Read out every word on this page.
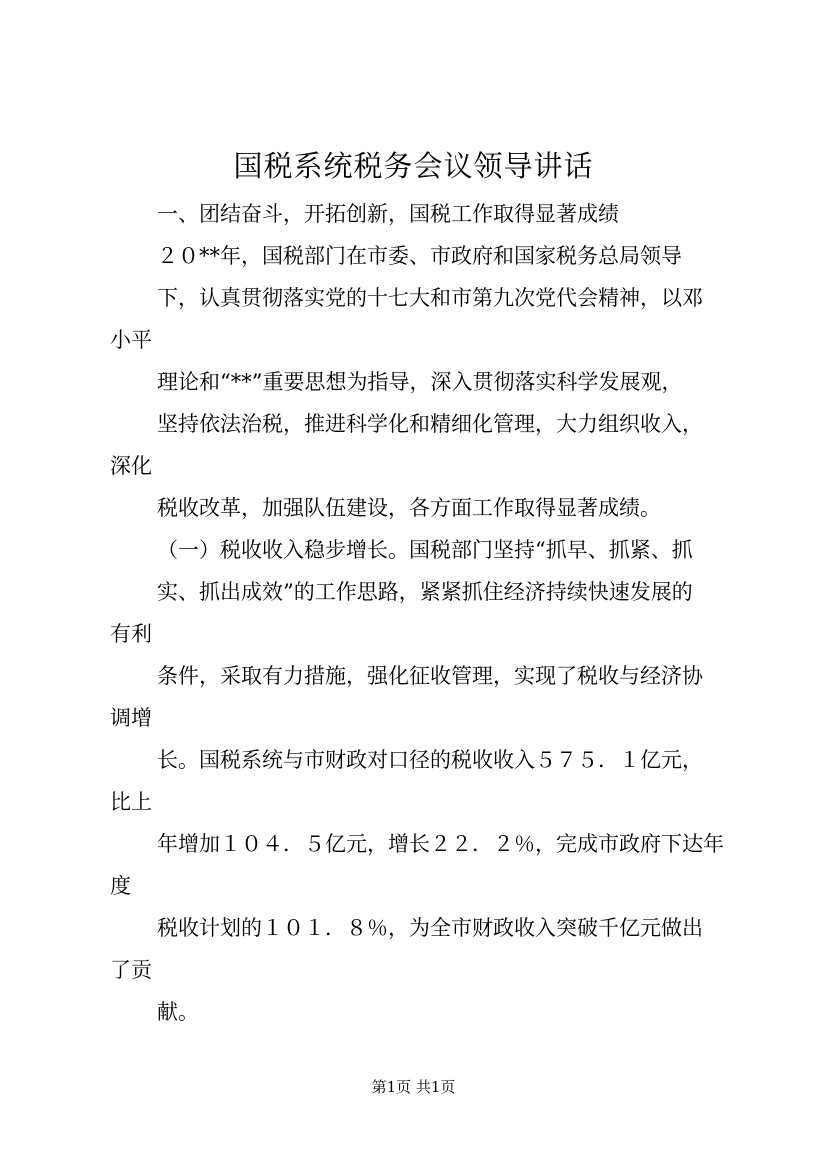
国税系统税务会议领导讲话

一、团结奋斗，开拓创新，国税工作取得显著成绩

２０**年，国税部门在市委、市政府和国家税务总局领导

下，认真贯彻落实党的十七大和市第九次党代会精神，以邓

小平

理论和“**”重要思想为指导，深入贯彻落实科学发展观，

坚持依法治税，推进科学化和精细化管理，大力组织收入，

深化

税收改革，加强队伍建设，各方面工作取得显著成绩。

（一）税收收入稳步增长。国税部门坚持“抓早、抓紧、抓

实、抓出成效”的工作思路，紧紧抓住经济持续快速发展的

有利

条件，采取有力措施，强化征收管理，实现了税收与经济协

调增

长。国税系统与市财政对口径的税收收入５７５．１亿元，

比上

年增加１０４．５亿元，增长２２．２％，完成市政府下达年

度

税收计划的１０１．８％，为全市财政收入突破千亿元做出

了贡

献。

第1页 共1页
